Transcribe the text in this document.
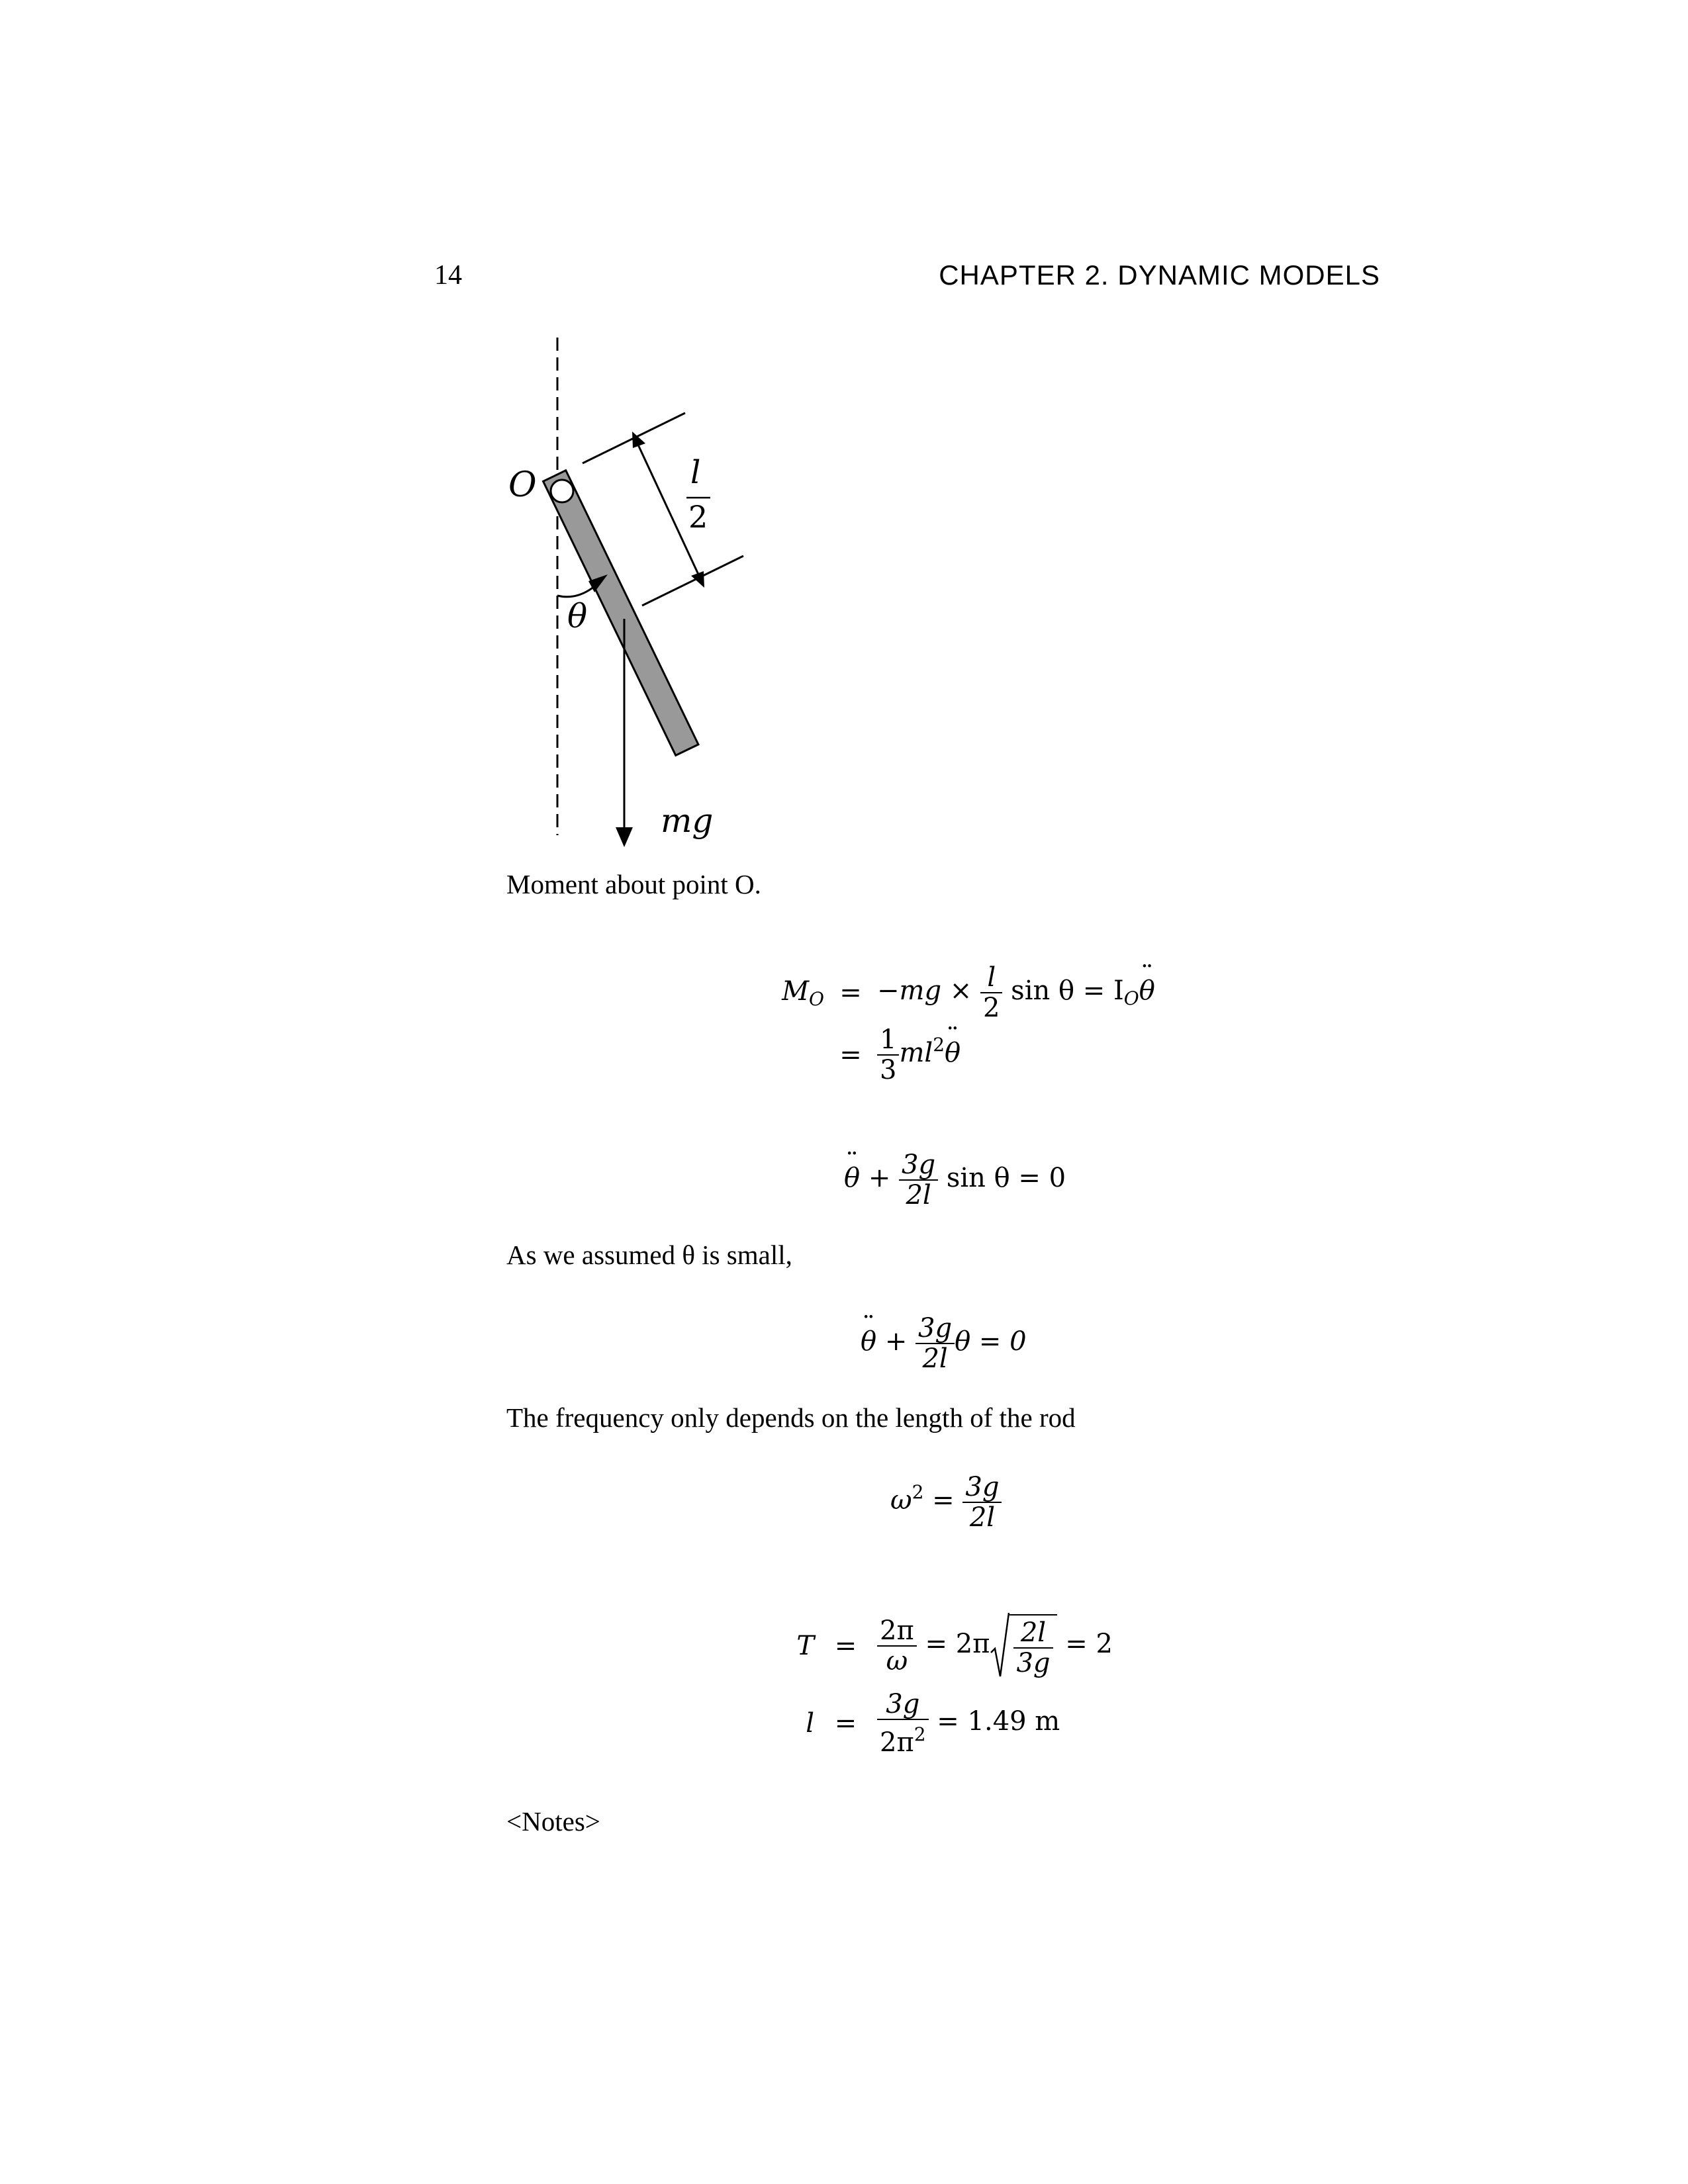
14	CHAPTER 2. DYNAMIC MODELS
O	l
2
θ
mg
Moment about point O.
$M_O = -mg \times \frac{l}{2}$ $\sin \theta = I_O\theta$ ¨
= $\frac{1}{3} ml^2\theta$ ¨
θ ¨ + $\frac{3g}{2l}$ sin θ = 0
As we assumed θ is small,
θ ¨ + $\frac{3g}{2l}$ θ = 0
The frequency only depends on the length of the rod
$\omega^2 = \frac{3g}{2l}$
$T = \frac{2\pi}{\omega} = 2\pi \frac{2l}{3g} = 2$
$l = \frac{3g}{2\pi^2} = 1.49$ m
<Notes>
